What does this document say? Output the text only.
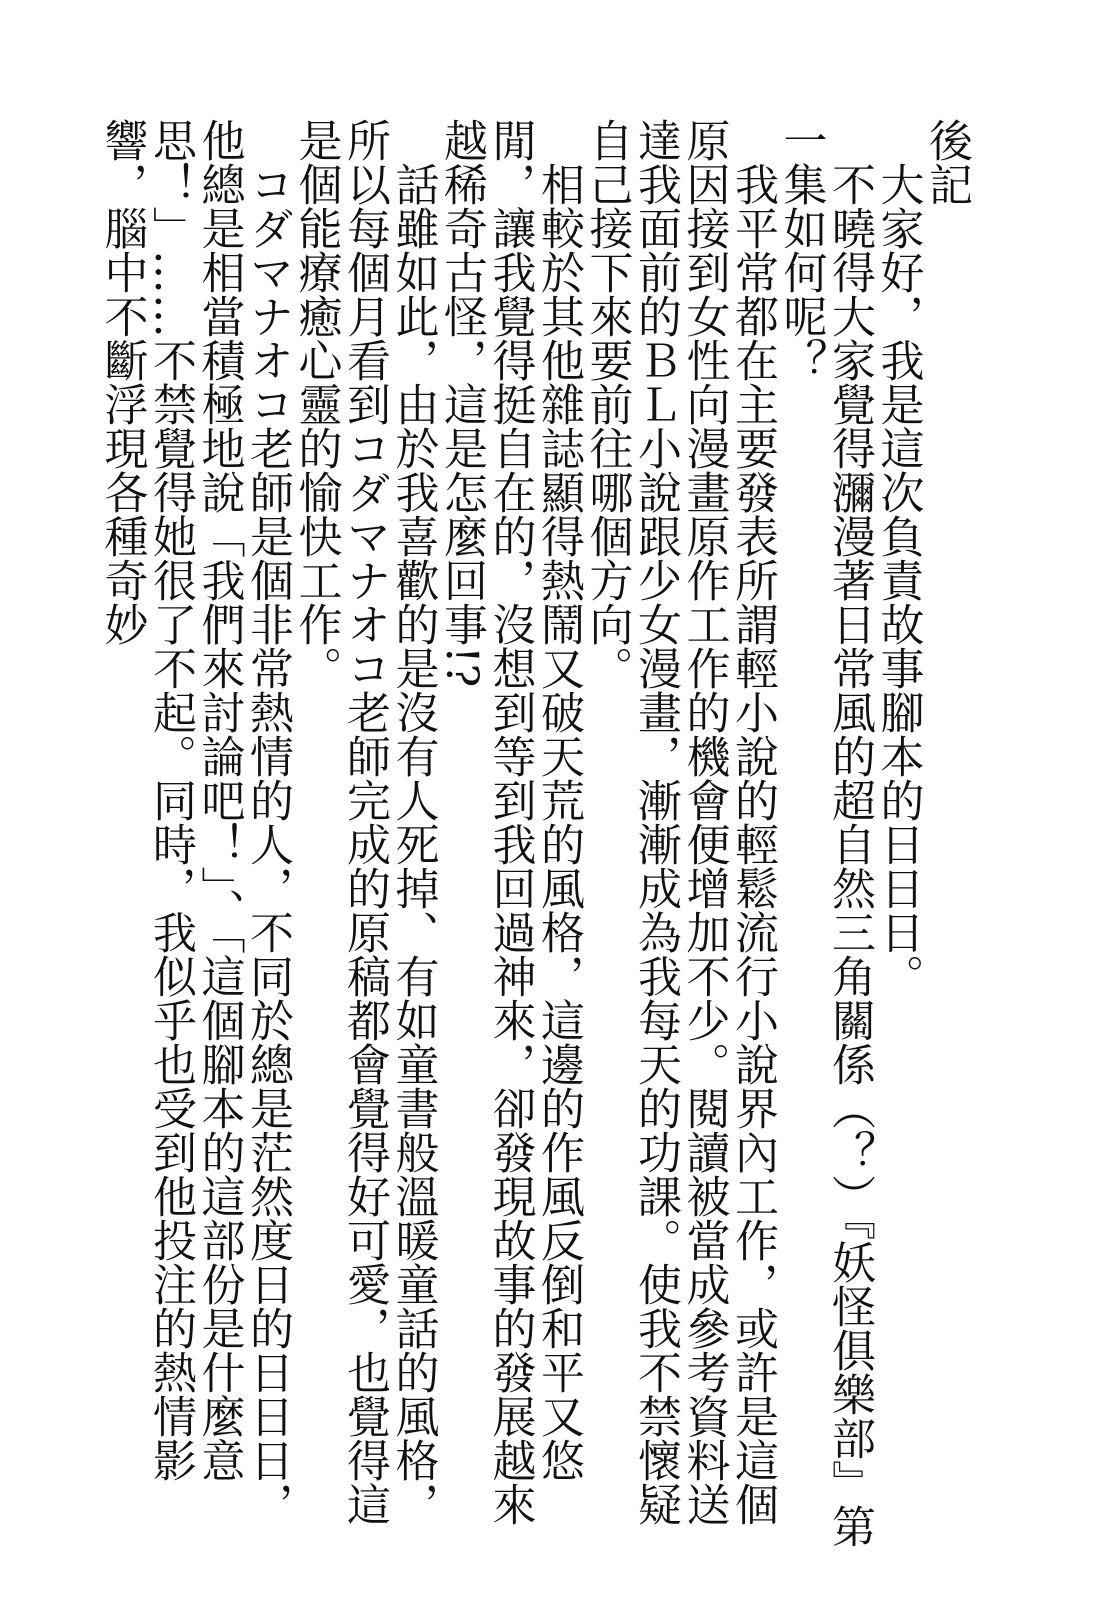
後記

大家好，我是這次負責故事腳本的日日日。

不曉得大家覺得瀰漫著日常風的超自然三角關係（？）『妖怪俱樂部』第一集如何呢？

我平常都在主要發表所謂輕小說的輕鬆流行小說界內工作，或許是這個原因接到女性向漫畫原作工作的機會便增加不少。閱讀被當成參考資料送達我面前的ＢＬ小說跟少女漫畫，漸漸成為我每天的功課。使我不禁懷疑自己接下來要前往哪個方向。

相較於其他雜誌顯得熱鬧又破天荒的風格，這邊的作風反倒和平又悠閒，讓我覺得挺自在的，沒想到等到我回過神來，卻發現故事的發展越來越稀奇古怪，這是怎麼回事!?

話雖如此，由於我喜歡的是沒有人死掉、有如童書般溫暖童話的風格，所以每個月看到コダマナオコ老師完成的原稿都會覺得好可愛，也覺得這是個能療癒心靈的愉快工作。

コダマナオコ老師是個非常熱情的人，不同於總是茫然度日的日日日，他總是相當積極地說「我們來討論吧！」、「這個腳本的這部份是什麼意思！」……不禁覺得她很了不起。同時，我似乎也受到他投注的熱情影響，腦中不斷浮現各種奇妙
